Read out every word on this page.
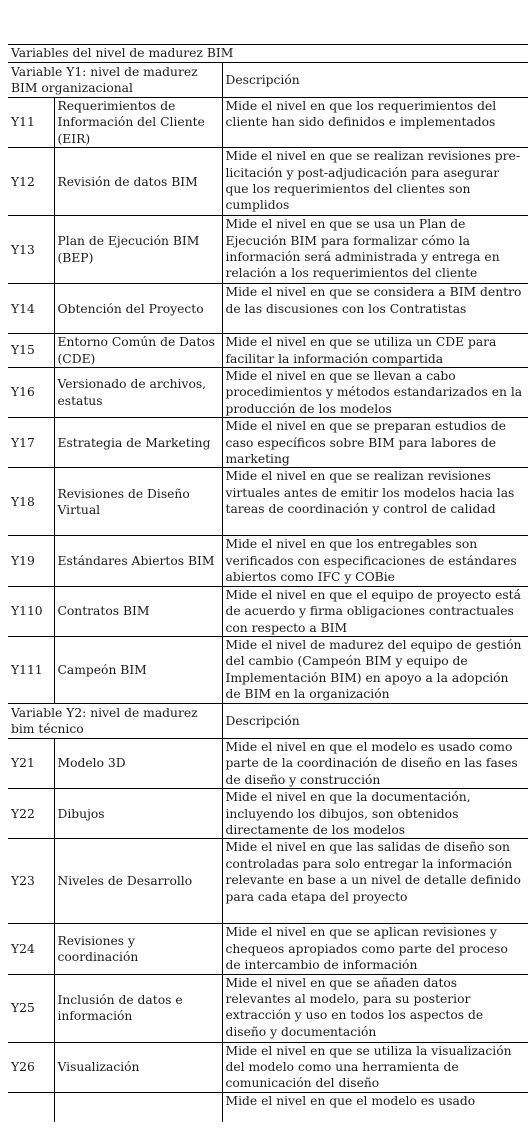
Variables del nivel de madurez BIM		
Variable Y1: nivel de madurez BIM organizacional		Descripción
Y11	Requerimientos de Información del Cliente (EIR)	Mide el nivel en que los requerimientos del cliente han sido definidos e implementados
Y12	Revisión de datos BIM	Mide el nivel en que se realizan revisiones pre-licitación y post-adjudicación para asegurar que los requerimientos del clientes son cumplidos
Y13	Plan de Ejecución BIM (BEP)	Mide el nivel en que se usa un Plan de Ejecución BIM para formalizar cómo la información será administrada y entrega en relación a los requerimientos del cliente
Y14	Obtención del Proyecto	Mide el nivel en que se considera a BIM dentro de las discusiones con los Contratistas
Y15	Entorno Común de Datos (CDE)	Mide el nivel en que se utiliza un CDE para facilitar la información compartida
Y16	Versionado de archivos, estatus	Mide el nivel en que se llevan a cabo procedimientos y métodos estandarizados en la producción de los modelos
Y17	Estrategia de Marketing	Mide el nivel en que se preparan estudios de caso específicos sobre BIM para labores de marketing
Y18	Revisiones de Diseño Virtual	Mide el nivel en que se realizan revisiones virtuales antes de emitir los modelos hacia las tareas de coordinación y control de calidad
Y19	Estándares Abiertos BIM	Mide el nivel en que los entregables son verificados con especificaciones de estándares abiertos como IFC y COBie
Y110	Contratos BIM	Mide el nivel en que el equipo de proyecto está de acuerdo y firma obligaciones contractuales con respecto a BIM
Y111	Campeón BIM	Mide el nivel de madurez del equipo de gestión del cambio (Campeón BIM y equipo de Implementación BIM) en apoyo a la adopción de BIM en la organización
Variable Y2: nivel de madurez bim técnico		Descripción
Y21	Modelo 3D	Mide el nivel en que el modelo es usado como parte de la coordinación de diseño en las fases de diseño y construcción
Y22	Dibujos	Mide el nivel en que la documentación, incluyendo los dibujos, son obtenidos directamente de los modelos
Y23	Niveles de Desarrollo	Mide el nivel en que las salidas de diseño son controladas para solo entregar la información relevante en base a un nivel de detalle definido para cada etapa del proyecto
Y24	Revisiones y coordinación	Mide el nivel en que se aplican revisiones y chequeos apropiados como parte del proceso de intercambio de información
Y25	Inclusión de datos e información	Mide el nivel en que se añaden datos relevantes al modelo, para su posterior extracción y uso en todos los aspectos de diseño y documentación
Y26	Visualización	Mide el nivel en que se utiliza la visualización del modelo como una herramienta de comunicación del diseño
		Mide el nivel en que el modelo es usado
